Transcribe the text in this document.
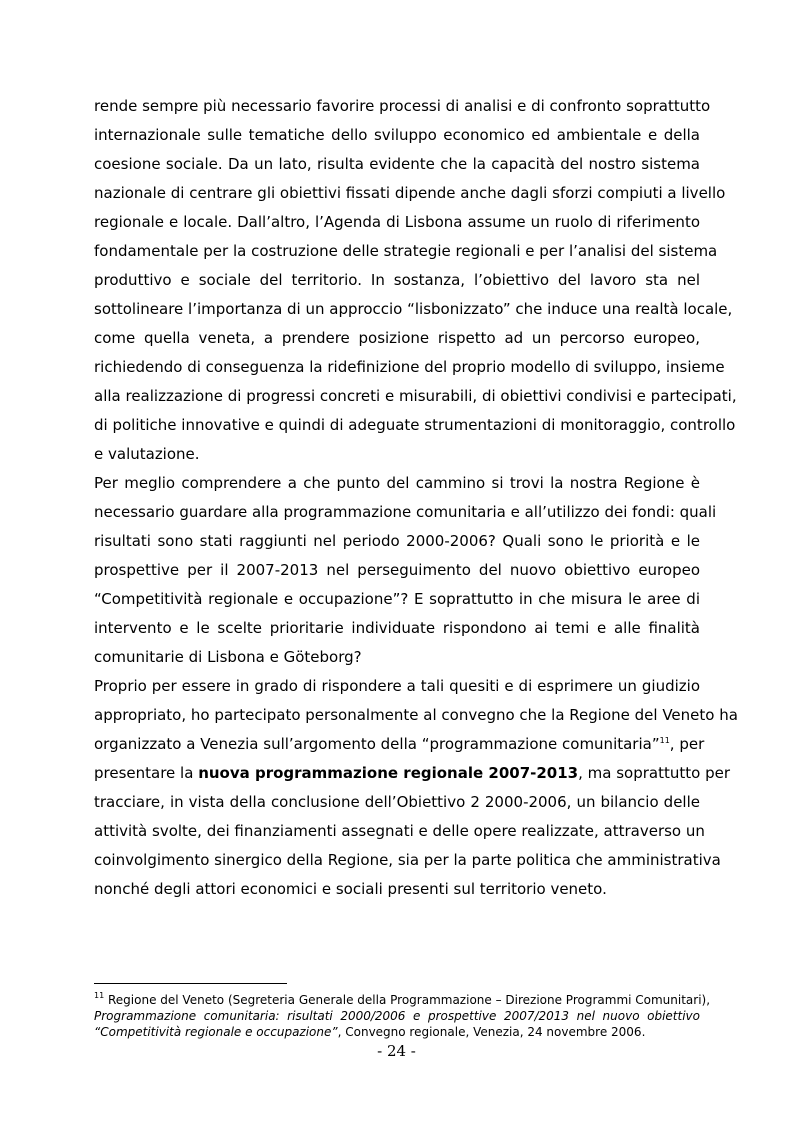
rende sempre più necessario favorire processi di analisi e di confronto soprattutto
internazionale sulle tematiche dello sviluppo economico ed ambientale e della
coesione sociale. Da un lato, risulta evidente che la capacità del nostro sistema
nazionale di centrare gli obiettivi fissati dipende anche dagli sforzi compiuti a livello
regionale e locale. Dall’altro, l’Agenda di Lisbona assume un ruolo di riferimento
fondamentale per la costruzione delle strategie regionali e per l’analisi del sistema
produttivo e sociale del territorio. In sostanza, l’obiettivo del lavoro sta nel
sottolineare l’importanza di un approccio “lisbonizzato” che induce una realtà locale,
come quella veneta, a prendere posizione rispetto ad un percorso europeo,
richiedendo di conseguenza la ridefinizione del proprio modello di sviluppo, insieme
alla realizzazione di progressi concreti e misurabili, di obiettivi condivisi e partecipati,
di politiche innovative e quindi di adeguate strumentazioni di monitoraggio, controllo
e valutazione.
Per meglio comprendere a che punto del cammino si trovi la nostra Regione è
necessario guardare alla programmazione comunitaria e all’utilizzo dei fondi: quali
risultati sono stati raggiunti nel periodo 2000-2006? Quali sono le priorità e le
prospettive per il 2007-2013 nel perseguimento del nuovo obiettivo europeo
“Competitività regionale e occupazione”? E soprattutto in che misura le aree di
intervento e le scelte prioritarie individuate rispondono ai temi e alle finalità
comunitarie di Lisbona e Göteborg?
Proprio per essere in grado di rispondere a tali quesiti e di esprimere un giudizio
appropriato, ho partecipato personalmente al convegno che la Regione del Veneto ha
organizzato a Venezia sull’argomento della “programmazione comunitaria”$^{11}$, per
presentare la nuova programmazione regionale 2007-2013, ma soprattutto per
tracciare, in vista della conclusione dell’Obiettivo 2 2000-2006, un bilancio delle
attività svolte, dei finanziamenti assegnati e delle opere realizzate, attraverso un
coinvolgimento sinergico della Regione, sia per la parte politica che amministrativa
nonché degli attori economici e sociali presenti sul territorio veneto.
$^{11}$ Regione del Veneto (Segreteria Generale della Programmazione – Direzione Programmi Comunitari),
Programmazione comunitaria: risultati 2000/2006 e prospettive 2007/2013 nel nuovo obiettivo
“Competitività regionale e occupazione”, Convegno regionale, Venezia, 24 novembre 2006.
- 24 -
